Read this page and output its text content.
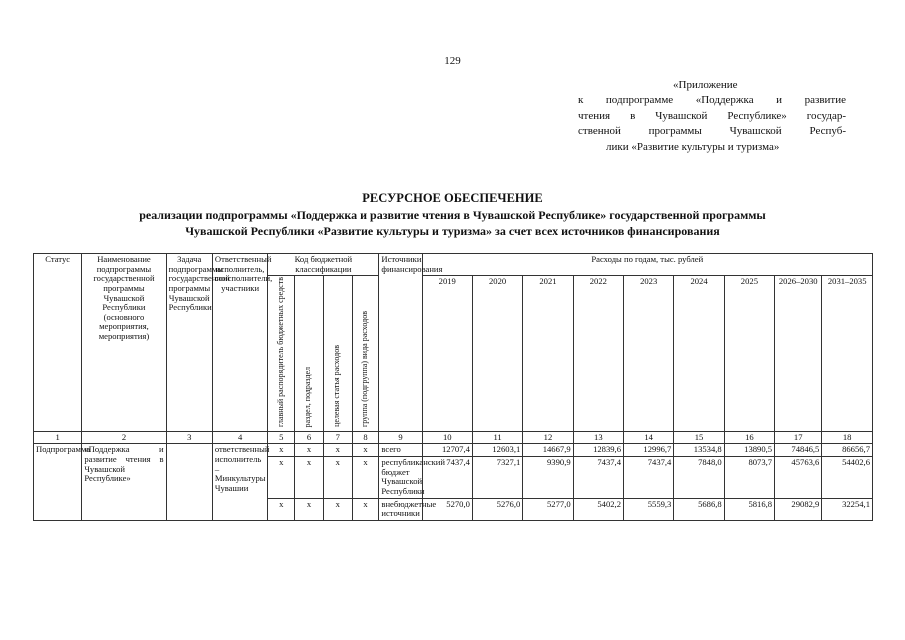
129
«Приложение
к подпрограмме «Поддержка и развитие
чтения в Чувашской Республике» государ-
ственной программы Чувашской Респуб-
лики «Развитие культуры и туризма»
РЕСУРСНОЕ ОБЕСПЕЧЕНИЕ
реализации подпрограммы «Поддержка и развитие чтения в Чувашской Республике» государственной программы
Чувашской Республики «Развитие культуры и туризма» за счет всех источников финансирования
Статус	Наименование подпрограммы государственной программы Чувашской Республики (основного мероприятия, мероприятия)	Задача подпрограммы государственной программы Чувашской Республики	Ответственный исполнитель, соисполнители, участники	Код бюджетной классификации				Источники финансирования	Расходы по годам, тыс. рублей								
				главный распорядитель бюджетных средств	раздел, подраздел	целевая статья расходов	группа (подгруппа) вида расходов		2019	2020	2021	2022	2023	2024	2025	2026–2030	2031–2035
1	2	3	4	5	6	7	8	9	10	11	12	13	14	15	16	17	18
Подпрограмма	«Поддержка и развитие чтения в Чувашской Республике»		ответственный исполнитель – Минкультуры Чувашии	х	х	х	х	всего	12707,4	12603,1	14667,9	12839,6	12996,7	13534,8	13890,5	74846,5	86656,7
				х	х	х	х	республиканский бюджет Чувашской Республики	7437,4	7327,1	9390,9	7437,4	7437,4	7848,0	8073,7	45763,6	54402,6
				х	х	х	х	внебюджетные источники	5270,0	5276,0	5277,0	5402,2	5559,3	5686,8	5816,8	29082,9	32254,1
